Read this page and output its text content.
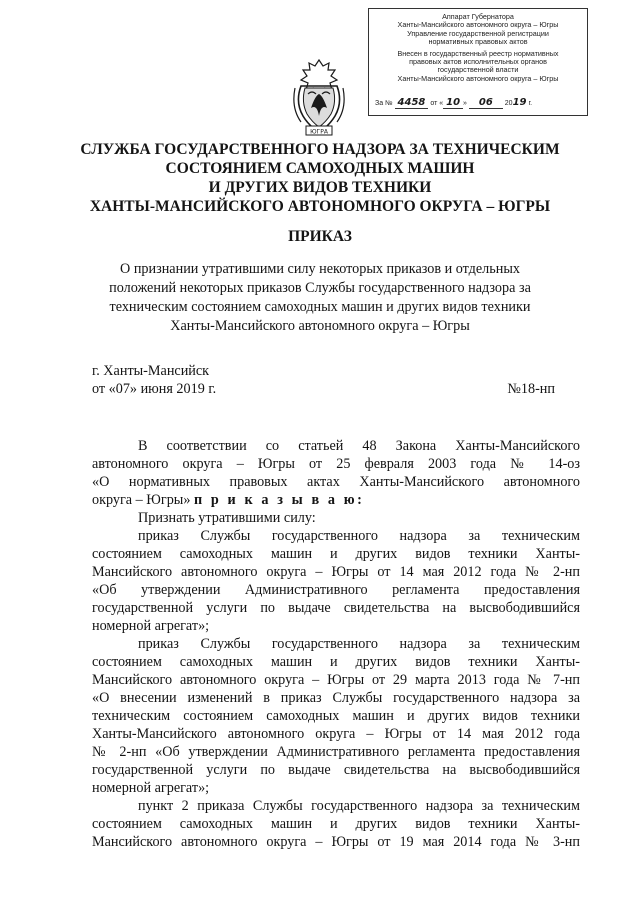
Аппарат Губернатора
Ханты-Мансийского автономного округа – Югры
Управление государственной регистрации
нормативных правовых актов
Внесен в государственный реестр нормативных
правовых актов исполнительных органов
государственной власти
Ханты-Мансийского автономного округа – Югры
За № 4458 от « 10 » 06 2019 г.
ЮГРА
СЛУЖБА ГОСУДАРСТВЕННОГО НАДЗОРА ЗА ТЕХНИЧЕСКИМ
СОСТОЯНИЕМ САМОХОДНЫХ МАШИН
И ДРУГИХ ВИДОВ ТЕХНИКИ
ХАНТЫ-МАНСИЙСКОГО АВТОНОМНОГО ОКРУГА – ЮГРЫ
ПРИКАЗ
О признании утратившими силу некоторых приказов и отдельных
положений некоторых приказов Службы государственного надзора за
техническим состоянием самоходных машин и других видов техники
Ханты-Мансийского автономного округа – Югры
г. Ханты-Мансийск
от «07» июня 2019 г.	№18-нп
В соответствии со статьей 48 Закона Ханты-Мансийского
автономного округа – Югры от 25 февраля 2003 года № 14-оз
«О нормативных правовых актах Ханты-Мансийского автономного
округа – Югры» п р и к а з ы в а ю:
Признать утратившими силу:
приказ Службы государственного надзора за техническим
состоянием самоходных машин и других видов техники Ханты-
Мансийского автономного округа – Югры от 14 мая 2012 года № 2-нп
«Об утверждении Административного регламента предоставления
государственной услуги по выдаче свидетельства на высвободившийся
номерной агрегат»;
приказ Службы государственного надзора за техническим
состоянием самоходных машин и других видов техники Ханты-
Мансийского автономного округа – Югры от 29 марта 2013 года № 7-нп
«О внесении изменений в приказ Службы государственного надзора за
техническим состоянием самоходных машин и других видов техники
Ханты-Мансийского автономного округа – Югры от 14 мая 2012 года
№ 2-нп «Об утверждении Административного регламента предоставления
государственной услуги по выдаче свидетельства на высвободившийся
номерной агрегат»;
пункт 2 приказа Службы государственного надзора за техническим
состоянием самоходных машин и других видов техники Ханты-
Мансийского автономного округа – Югры от 19 мая 2014 года № 3-нп
